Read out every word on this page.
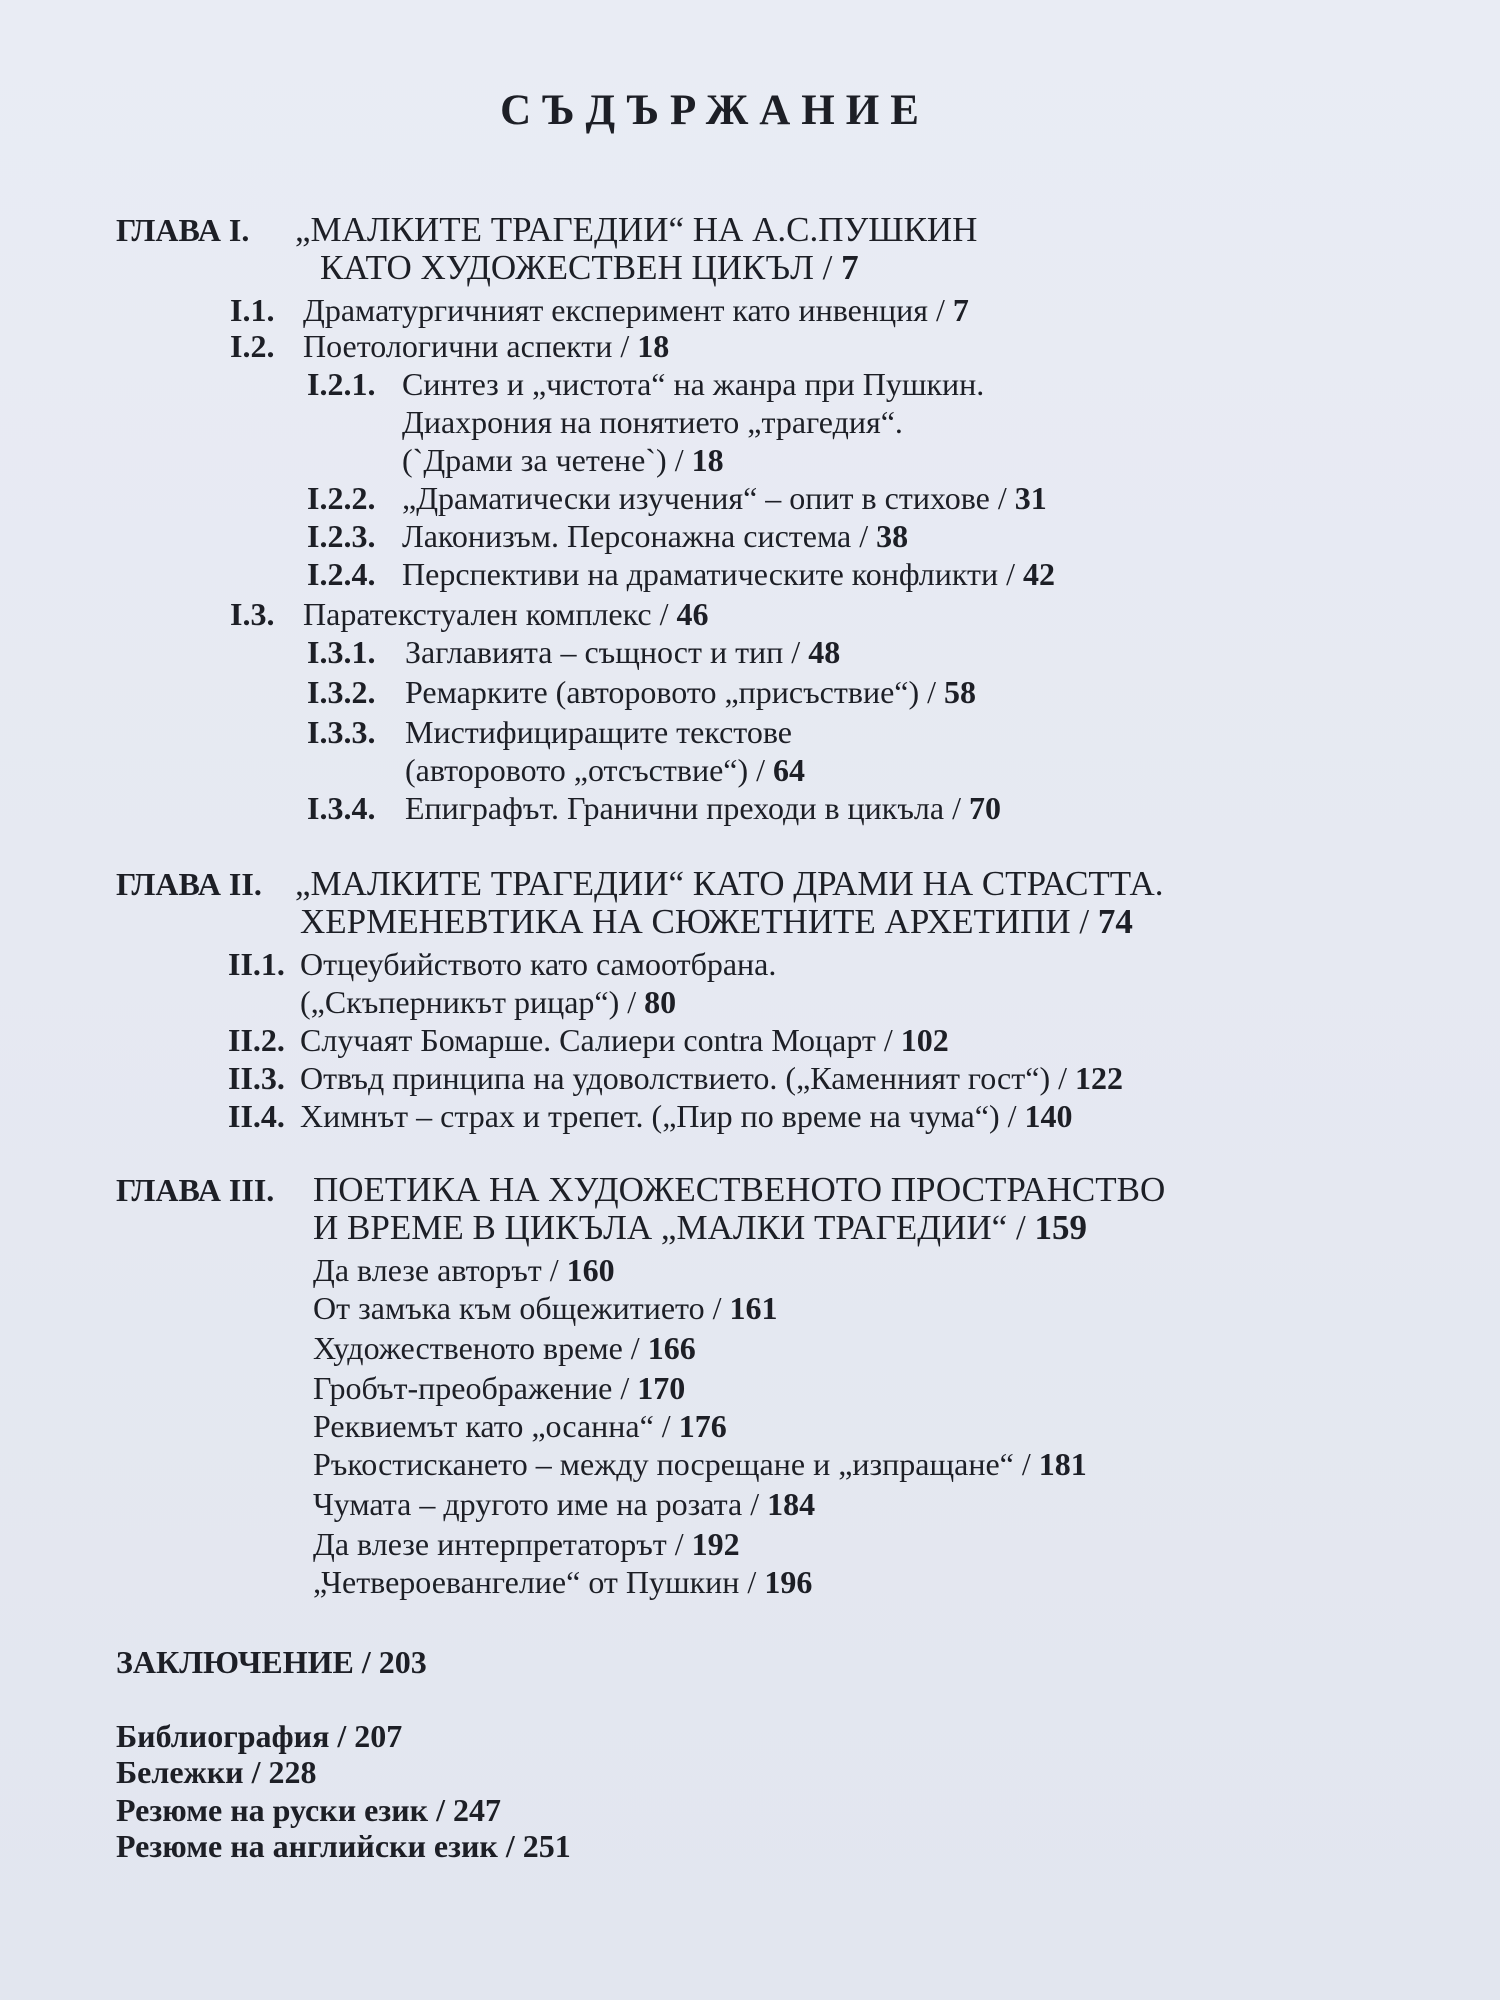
СЪДЪРЖАНИЕ
ГЛАВА I. „МАЛКИТЕ ТРАГЕДИИ“ НА А.С.ПУШКИН
КАТО ХУДОЖЕСТВЕН ЦИКЪЛ / 7
I.1. Драматургичният експеримент като инвенция / 7
I.2. Поетологични аспекти / 18
I.2.1. Синтез и „чистота“ на жанра при Пушкин.
Диахрония на понятието „трагедия“.
(`Драми за четене`) / 18
I.2.2. „Драматически изучения“ – опит в стихове / 31
I.2.3. Лаконизъм. Персонажна система / 38
I.2.4. Перспективи на драматическите конфликти / 42
I.3. Паратекстуален комплекс / 46
I.3.1. Заглавията – същност и тип / 48
I.3.2. Ремарките (авторовото „присъствие“) / 58
I.3.3. Мистифициращите текстове
(авторовото „отсъствие“) / 64
I.3.4. Епиграфът. Гранични преходи в цикъла / 70
ГЛАВА II. „МАЛКИТЕ ТРАГЕДИИ“ КАТО ДРАМИ НА СТРАСТТА.
ХЕРМЕНЕВТИКА НА СЮЖЕТНИТЕ АРХЕТИПИ / 74
II.1. Отцеубийството като самоотбрана.
(„Скъперникът рицар“) / 80
II.2. Случаят Бомарше. Салиери contra Моцарт / 102
II.3. Отвъд принципа на удоволствието. („Каменният гост“) / 122
II.4. Химнът – страх и трепет. („Пир по време на чума“) / 140
ГЛАВА III. ПОЕТИКА НА ХУДОЖЕСТВЕНОТО ПРОСТРАНСТВО
И ВРЕМЕ В ЦИКЪЛА „МАЛКИ ТРАГЕДИИ“ / 159
Да влезе авторът / 160
От замъка към общежитието / 161
Художественото време / 166
Гробът-преображение / 170
Реквиемът като „осанна“ / 176
Ръкостискането – между посрещане и „изпращане“ / 181
Чумата – другото име на розата / 184
Да влезе интерпретаторът / 192
„Четвероевангелие“ от Пушкин / 196
ЗАКЛЮЧЕНИЕ / 203
Библиография / 207
Бележки / 228
Резюме на руски език / 247
Резюме на английски език / 251
